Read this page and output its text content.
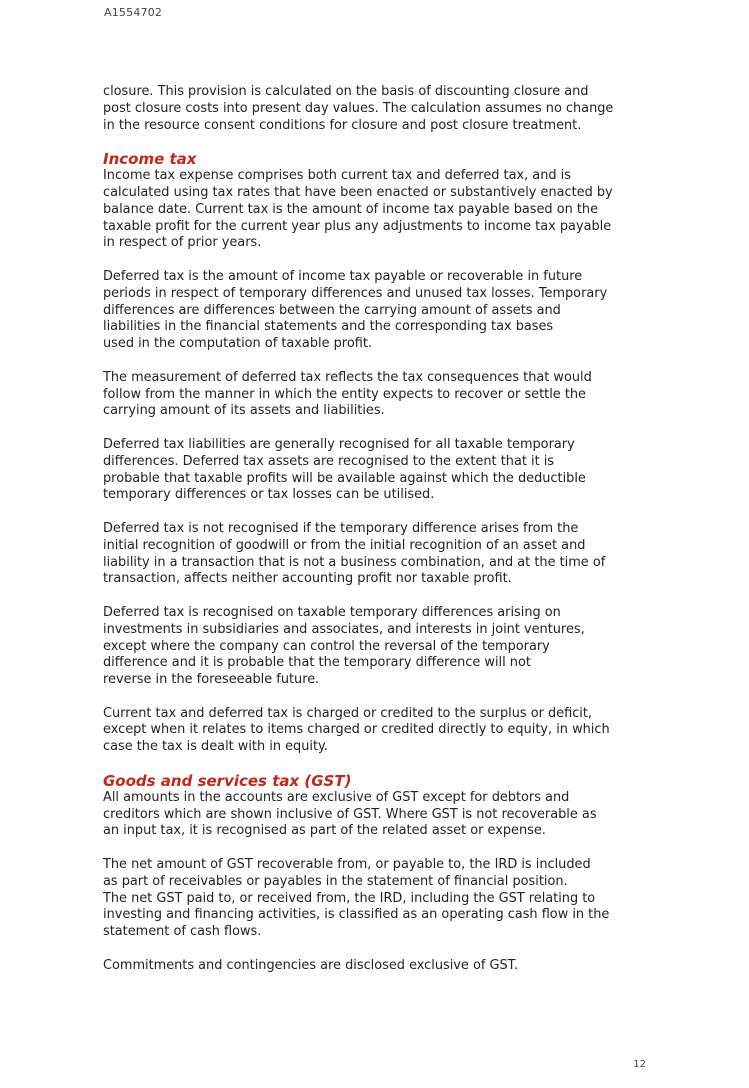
A1554702

closure. This provision is calculated on the basis of discounting closure and
post closure costs into present day values. The calculation assumes no change
in the resource consent conditions for closure and post closure treatment.

Income tax

Income tax expense comprises both current tax and deferred tax, and is
calculated using tax rates that have been enacted or substantively enacted by
balance date. Current tax is the amount of income tax payable based on the
taxable profit for the current year plus any adjustments to income tax payable
in respect of prior years.

Deferred tax is the amount of income tax payable or recoverable in future
periods in respect of temporary differences and unused tax losses. Temporary
differences are differences between the carrying amount of assets and
liabilities in the financial statements and the corresponding tax bases
used in the computation of taxable profit.

The measurement of deferred tax reflects the tax consequences that would
follow from the manner in which the entity expects to recover or settle the
carrying amount of its assets and liabilities.

Deferred tax liabilities are generally recognised for all taxable temporary
differences. Deferred tax assets are recognised to the extent that it is
probable that taxable profits will be available against which the deductible
temporary differences or tax losses can be utilised.

Deferred tax is not recognised if the temporary difference arises from the
initial recognition of goodwill or from the initial recognition of an asset and
liability in a transaction that is not a business combination, and at the time of
transaction, affects neither accounting profit nor taxable profit.

Deferred tax is recognised on taxable temporary differences arising on
investments in subsidiaries and associates, and interests in joint ventures,
except where the company can control the reversal of the temporary
difference and it is probable that the temporary difference will not
reverse in the foreseeable future.

Current tax and deferred tax is charged or credited to the surplus or deficit,
except when it relates to items charged or credited directly to equity, in which
case the tax is dealt with in equity.

Goods and services tax (GST)

All amounts in the accounts are exclusive of GST except for debtors and
creditors which are shown inclusive of GST. Where GST is not recoverable as
an input tax, it is recognised as part of the related asset or expense.

The net amount of GST recoverable from, or payable to, the IRD is included
as part of receivables or payables in the statement of financial position.
The net GST paid to, or received from, the IRD, including the GST relating to
investing and financing activities, is classified as an operating cash flow in the
statement of cash flows.

Commitments and contingencies are disclosed exclusive of GST.

12
